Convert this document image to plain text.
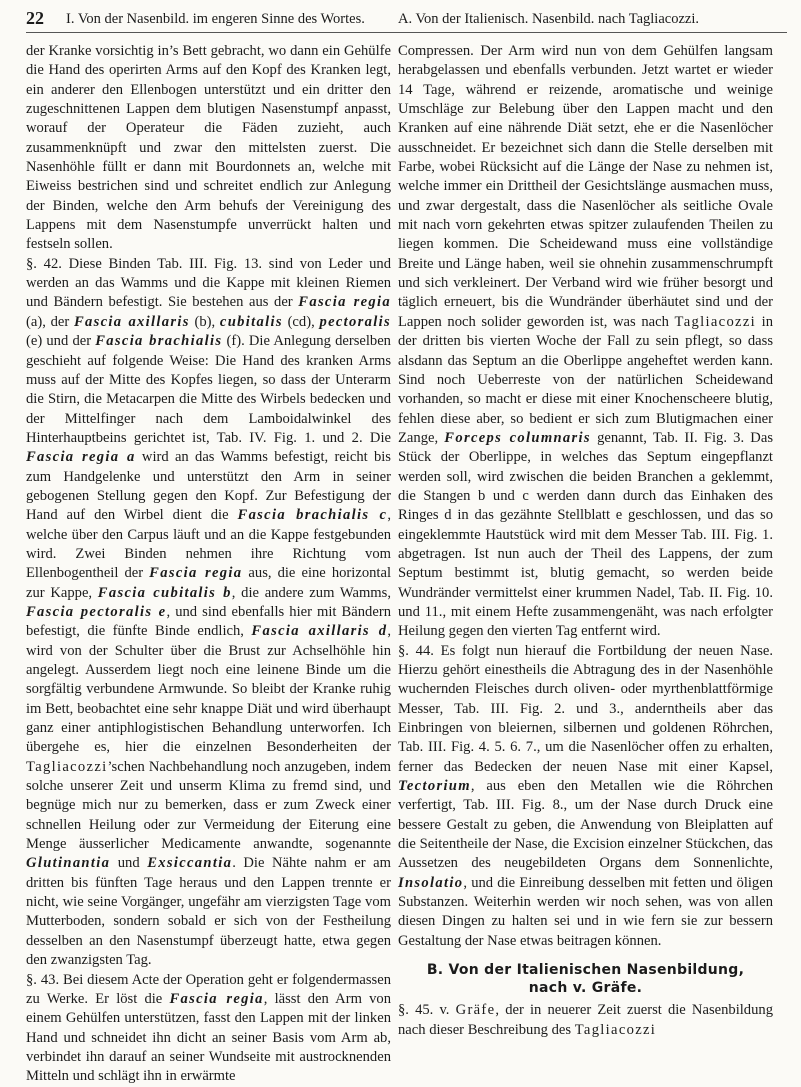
22 I. Von der Nasenbild. im engeren Sinne des Wortes. A. Von der Italienisch. Nasenbild. nach Tagliacozzi.

der Kranke vorsichtig in’s Bett gebracht, wo dann ein Gehülfe die Hand des operirten Arms auf den Kopf des Kranken legt, ein anderer den Ellenbogen unterstützt und ein dritter den zugeschnittenen Lappen dem blutigen Nasenstumpf anpasst, worauf der Operateur die Fäden zuzieht, auch zusammenknüpft und zwar den mittelsten zuerst. Die Nasenhöhle füllt er dann mit Bourdonnets an, welche mit Eiweiss bestrichen sind und schreitet endlich zur Anlegung der Binden, welche den Arm behufs der Vereinigung des Lappens mit dem Nasenstumpfe unverrückt halten und festseln sollen.

§. 42. Diese Binden Tab. III. Fig. 13. sind von Leder und werden an das Wamms und die Kappe mit kleinen Riemen und Bändern befestigt. Sie bestehen aus der Fascia regia (a), der Fascia axillaris (b), cubitalis (cd), pectoralis (e) und der Fascia brachialis (f). Die Anlegung derselben geschieht auf folgende Weise: Die Hand des kranken Arms muss auf der Mitte des Kopfes liegen, so dass der Unterarm die Stirn, die Metacarpen die Mitte des Wirbels bedecken und der Mittelfinger nach dem Lamboidalwinkel des Hinterhauptbeins gerichtet ist, Tab. IV. Fig. 1. und 2. Die Fascia regia a wird an das Wamms befestigt, reicht bis zum Handgelenke und unterstützt den Arm in seiner gebogenen Stellung gegen den Kopf. Zur Befestigung der Hand auf den Wirbel dient die Fascia brachialis c, welche über den Carpus läuft und an die Kappe festgebunden wird. Zwei Binden nehmen ihre Richtung vom Ellenbogentheil der Fascia regia aus, die eine horizontal zur Kappe, Fascia cubitalis b, die andere zum Wamms, Fascia pectoralis e, und sind ebenfalls hier mit Bändern befestigt, die fünfte Binde endlich, Fascia axillaris d, wird von der Schulter über die Brust zur Achselhöhle hin angelegt. Ausserdem liegt noch eine leinene Binde um die sorgfältig verbundene Armwunde. So bleibt der Kranke ruhig im Bett, beobachtet eine sehr knappe Diät und wird überhaupt ganz einer antiphlogistischen Behandlung unterworfen. Ich übergehe es, hier die einzelnen Besonderheiten der Tagliacozzi’schen Nachbehandlung noch anzugeben, indem solche unserer Zeit und unserm Klima zu fremd sind, und begnüge mich nur zu bemerken, dass er zum Zweck einer schnellen Heilung oder zur Vermeidung der Eiterung eine Menge äusserlicher Medicamente anwandte, sogenannte Glutinantia und Exsiccantia. Die Nähte nahm er am dritten bis fünften Tage heraus und den Lappen trennte er nicht, wie seine Vorgänger, ungefähr am vierzigsten Tage vom Mutterboden, sondern sobald er sich von der Festheilung desselben an den Nasenstumpf überzeugt hatte, etwa gegen den zwanzigsten Tag.

§. 43. Bei diesem Acte der Operation geht er folgendermassen zu Werke. Er löst die Fascia regia, lässt den Arm von einem Gehülfen unterstützen, fasst den Lappen mit der linken Hand und schneidet ihn dicht an seiner Basis vom Arm ab, verbindet ihn darauf an seiner Wundseite mit austrocknenden Mitteln und schlägt ihn in erwärmte

Compressen. Der Arm wird nun von dem Gehülfen langsam herabgelassen und ebenfalls verbunden. Jetzt wartet er wieder 14 Tage, während er reizende, aromatische und weinige Umschläge zur Belebung über den Lappen macht und den Kranken auf eine nährende Diät setzt, ehe er die Nasenlöcher ausschneidet. Er bezeichnet sich dann die Stelle derselben mit Farbe, wobei Rücksicht auf die Länge der Nase zu nehmen ist, welche immer ein Drittheil der Gesichtslänge ausmachen muss, und zwar dergestalt, dass die Nasenlöcher als seitliche Ovale mit nach vorn gekehrten etwas spitzer zulaufenden Theilen zu liegen kommen. Die Scheidewand muss eine vollständige Breite und Länge haben, weil sie ohnehin zusammenschrumpft und sich verkleinert. Der Verband wird wie früher besorgt und täglich erneuert, bis die Wundränder überhäutet sind und der Lappen noch solider geworden ist, was nach Tagliacozzi in der dritten bis vierten Woche der Fall zu sein pflegt, so dass alsdann das Septum an die Oberlippe angeheftet werden kann. Sind noch Ueberreste von der natürlichen Scheidewand vorhanden, so macht er diese mit einer Knochenscheere blutig, fehlen diese aber, so bedient er sich zum Blutigmachen einer Zange, Forceps columnaris genannt, Tab. II. Fig. 3. Das Stück der Oberlippe, in welches das Septum eingepflanzt werden soll, wird zwischen die beiden Branchen a geklemmt, die Stangen b und c werden dann durch das Einhaken des Ringes d in das gezähnte Stellblatt e geschlossen, und das so eingeklemmte Hautstück wird mit dem Messer Tab. III. Fig. 1. abgetragen. Ist nun auch der Theil des Lappens, der zum Septum bestimmt ist, blutig gemacht, so werden beide Wundränder vermittelst einer krummen Nadel, Tab. II. Fig. 10. und 11., mit einem Hefte zusammengenäht, was nach erfolgter Heilung gegen den vierten Tag entfernt wird.

§. 44. Es folgt nun hierauf die Fortbildung der neuen Nase. Hierzu gehört einestheils die Abtragung des in der Nasenhöhle wuchernden Fleisches durch oliven- oder myrthenblattförmige Messer, Tab. III. Fig. 2. und 3., anderntheils aber das Einbringen von bleiernen, silbernen und goldenen Röhrchen, Tab. III. Fig. 4. 5. 6. 7., um die Nasenlöcher offen zu erhalten, ferner das Bedecken der neuen Nase mit einer Kapsel, Tectorium, aus eben den Metallen wie die Röhrchen verfertigt, Tab. III. Fig. 8., um der Nase durch Druck eine bessere Gestalt zu geben, die Anwendung von Bleiplatten auf die Seitentheile der Nase, die Excision einzelner Stückchen, das Aussetzen des neugebildeten Organs dem Sonnenlichte, Insolatio, und die Einreibung desselben mit fetten und öligen Substanzen. Weiterhin werden wir noch sehen, was von allen diesen Dingen zu halten sei und in wie fern sie zur bessern Gestaltung der Nase etwas beitragen können.

B. Von der Italienischen Nasenbildung,
nach v. Gräfe.

§. 45. v. Gräfe, der in neuerer Zeit zuerst die Nasenbildung nach dieser Beschreibung des Tagliacozzi
